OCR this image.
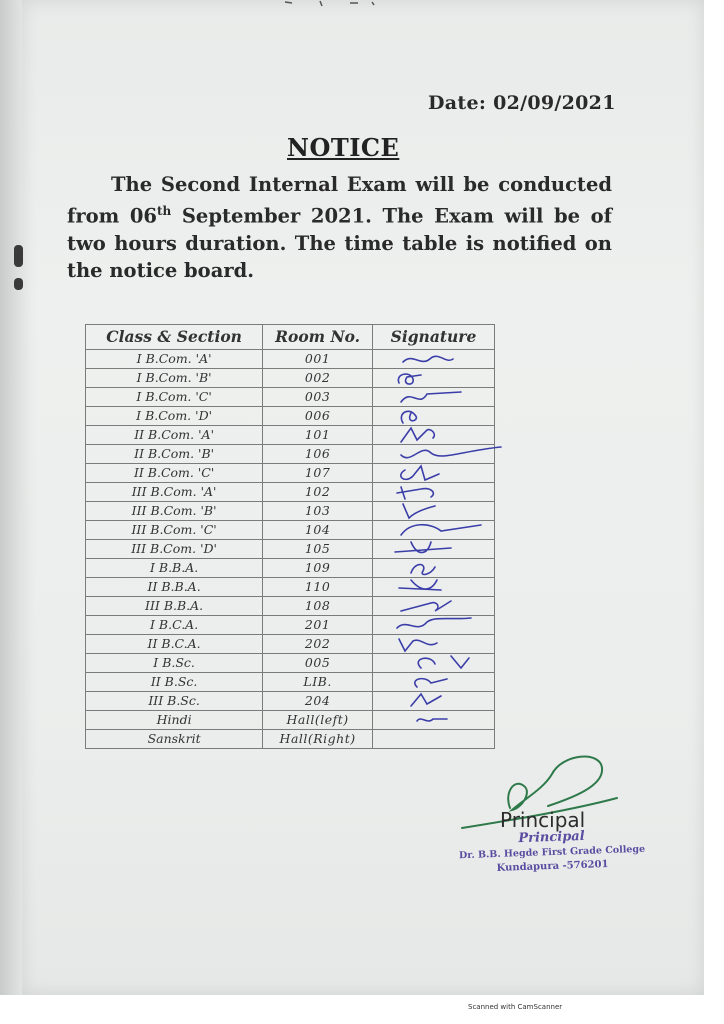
Date: 02/09/2021
NOTICE
The Second Internal Exam will be conducted from 06th September 2021. The Exam will be of two hours duration. The time table is notified on the notice board.
Class & Section	Room No.	Signature
I B.Com. 'A'	001	

I B.Com. 'B'	002	

I B.Com. 'C'	003	

I B.Com. 'D'	006	

II B.Com. 'A'	101	

II B.Com. 'B'	106	

II B.Com. 'C'	107	

III B.Com. 'A'	102	

III B.Com. 'B'	103	

III B.Com. 'C'	104	

III B.Com. 'D'	105	

I B.B.A.	109	

II B.B.A.	110	

III B.B.A.	108	

I B.C.A.	201	

II B.C.A.	202	

I B.Sc.	005	

II B.Sc.	LIB.	

III B.Sc.	204	

Hindi	Hall(left)	

Sanskrit	Hall(Right)	
Principal
Principal
Dr. B.B. Hegde First Grade College
Kundapura -576201
Scanned with CamScanner
